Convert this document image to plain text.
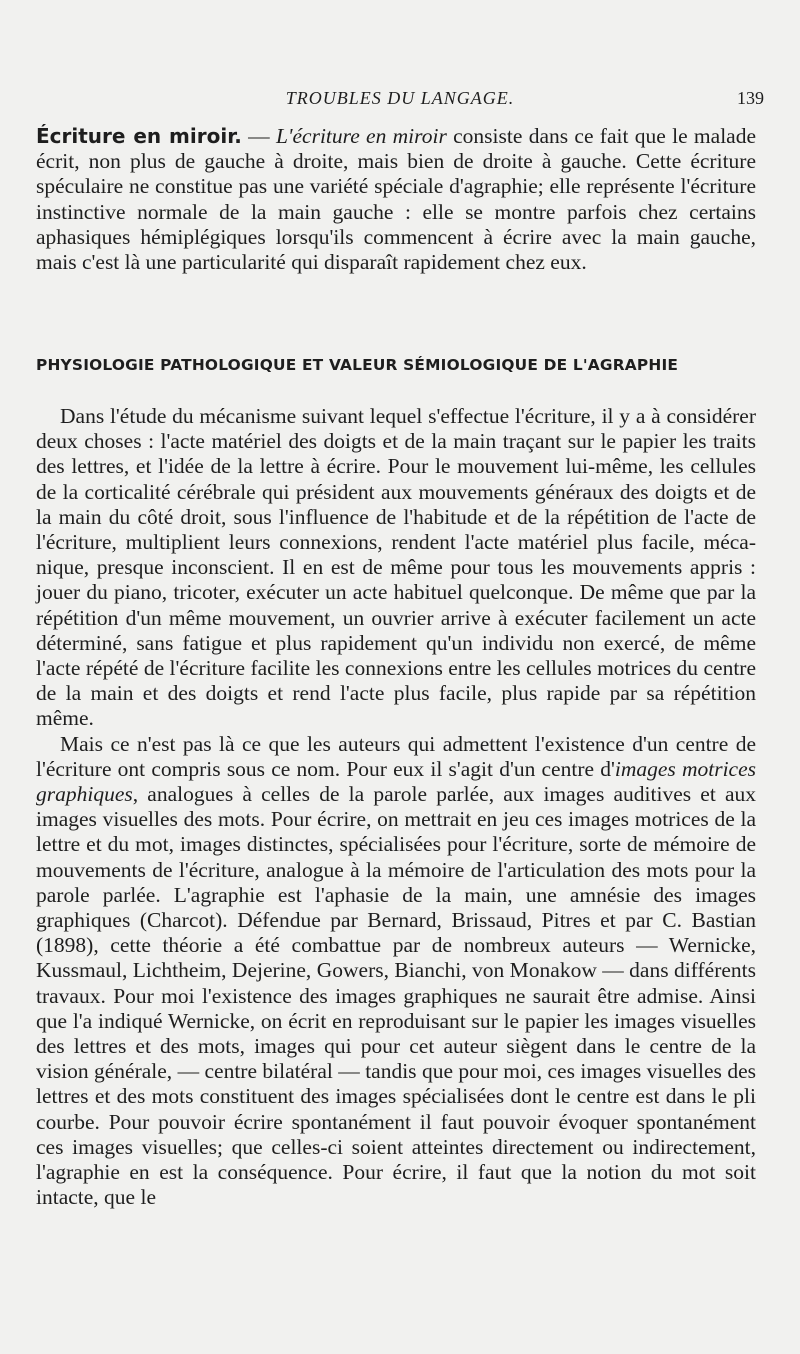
TROUBLES DU LANGAGE.	139

Écriture en miroir. — L'écriture en miroir consiste dans ce fait que le malade écrit, non plus de gauche à droite, mais bien de droite à gauche. Cette écriture spéculaire ne constitue pas une variété spéciale d'agraphie; elle représente l'écriture instinctive normale de la main gauche : elle se montre parfois chez certains aphasiques hémiplégiques lorsqu'ils commencent à écrire avec la main gauche, mais c'est là une particularité qui disparaît rapidement chez eux.

PHYSIOLOGIE PATHOLOGIQUE ET VALEUR SÉMIOLOGIQUE DE L'AGRAPHIE

Dans l'étude du mécanisme suivant lequel s'effectue l'écriture, il y a à considérer deux choses : l'acte matériel des doigts et de la main traçant sur le papier les traits des lettres, et l'idée de la lettre à écrire. Pour le mouvement lui-même, les cellules de la corticalité cérébrale qui président aux mouvements généraux des doigts et de la main du côté droit, sous l'influence de l'habitude et de la répétition de l'acte de l'écriture, multiplient leurs connexions, rendent l'acte matériel plus facile, mécanique, presque inconscient. Il en est de même pour tous les mouvements appris : jouer du piano, tricoter, exécuter un acte habituel quelconque. De même que par la répétition d'un même mouvement, un ouvrier arrive à exécuter facilement un acte déterminé, sans fatigue et plus rapidement qu'un individu non exercé, de même l'acte répété de l'écriture facilite les connexions entre les cellules motrices du centre de la main et des doigts et rend l'acte plus facile, plus rapide par sa répétition même.

Mais ce n'est pas là ce que les auteurs qui admettent l'existence d'un centre de l'écriture ont compris sous ce nom. Pour eux il s'agit d'un centre d'images motrices graphiques, analogues à celles de la parole parlée, aux images auditives et aux images visuelles des mots. Pour écrire, on mettrait en jeu ces images motrices de la lettre et du mot, images distinctes, spécialisées pour l'écriture, sorte de mémoire de mouvements de l'écriture, analogue à la mémoire de l'articulation des mots pour la parole parlée. L'agraphie est l'aphasie de la main, une amnésie des images graphiques (Charcot). Défendue par Bernard, Brissaud, Pitres et par C. Bastian (1898), cette théorie a été combattue par de nombreux auteurs — Wernicke, Kussmaul, Lichtheim, Dejerine, Gowers, Bianchi, von Monakow — dans différents travaux. Pour moi l'existence des images graphiques ne saurait être admise. Ainsi que l'a indiqué Wernicke, on écrit en reproduisant sur le papier les images visuelles des lettres et des mots, images qui pour cet auteur siègent dans le centre de la vision générale, — centre bilatéral — tandis que pour moi, ces images visuelles des lettres et des mots constituent des images spécialisées dont le centre est dans le pli courbe. Pour pouvoir écrire spontanément il faut pouvoir évoquer spontanément ces images visuelles; que celles-ci soient atteintes directement ou indirectement, l'agraphie en est la conséquence. Pour écrire, il faut que la notion du mot soit intacte, que le
